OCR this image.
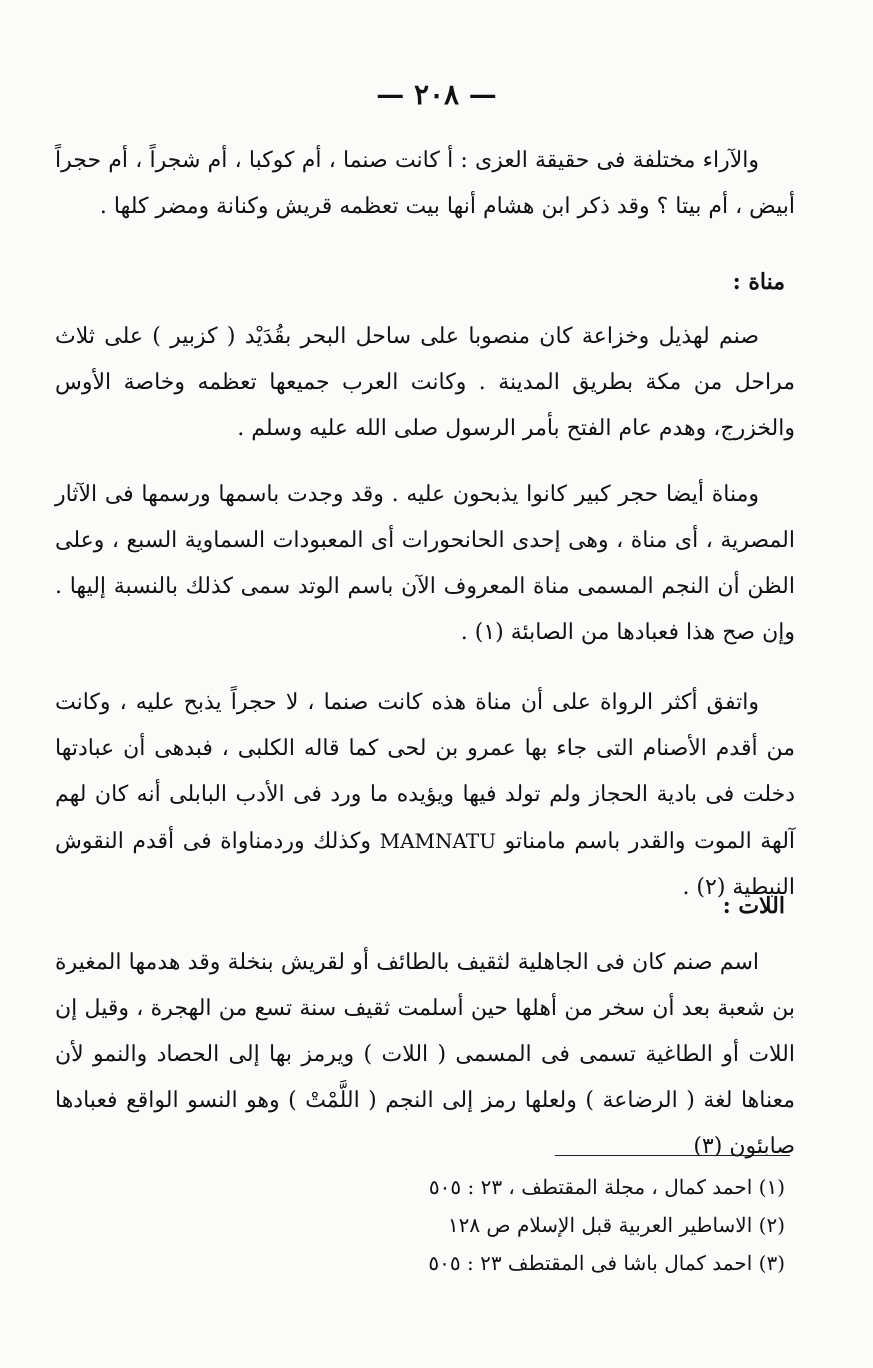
— ٢٠٨ —

والآراء مختلفة فى حقيقة العزى : أ كانت صنما ، أم كوكبا ، أم شجراً ، أم حجراً أبيض ، أم بيتا ؟ وقد ذكر ابن هشام أنها بيت تعظمه قريش وكنانة ومضر كلها .

مناة :

صنم لهذيل وخزاعة كان منصوبا على ساحل البحر بقُدَيْد ( كزبير ) على ثلاث مراحل من مكة بطريق المدينة . وكانت العرب جميعها تعظمه وخاصة الأوس والخزرج، وهدم عام الفتح بأمر الرسول صلى الله عليه وسلم .

ومناة أيضا حجر كبير كانوا يذبحون عليه . وقد وجدت باسمها ورسمها فى الآثار المصرية ، أى مناة ، وهى إحدى الحانحورات أى المعبودات السماوية السبع ، وعلى الظن أن النجم المسمى مناة المعروف الآن باسم الوتد سمى كذلك بالنسبة إليها . وإن صح هذا فعبادها من الصابئة (١) .

واتفق أكثر الرواة على أن مناة هذه كانت صنما ، لا حجراً يذبح عليه ، وكانت من أقدم الأصنام التى جاء بها عمرو بن لحى كما قاله الكلبى ، فبدهى أن عبادتها دخلت فى بادية الحجاز ولم تولد فيها ويؤيده ما ورد فى الأدب البابلى أنه كان لهم آلهة الموت والقدر باسم مامناتو MAMNATU وكذلك وردمناواة فى أقدم النقوش النبطية (٢) .

اللات :

اسم صنم كان فى الجاهلية لثقيف بالطائف أو لقريش بنخلة وقد هدمها المغيرة بن شعبة بعد أن سخر من أهلها حين أسلمت ثقيف سنة تسع من الهجرة ، وقيل إن اللات أو الطاغية تسمى فى المسمى ( اللات ) ويرمز بها إلى الحصاد والنمو لأن معناها لغة ( الرضاعة ) ولعلها رمز إلى النجم ( اللَّمْتْ ) وهو النسو الواقع فعبادها صابئون (٣)

(١) احمد كمال ، مجلة المقتطف ، ٢٣ : ٥٠٥

(٢) الاساطير العربية قبل الإسلام ص ١٢٨

(٣) احمد كمال باشا فى المقتطف ٢٣ : ٥٠٥
